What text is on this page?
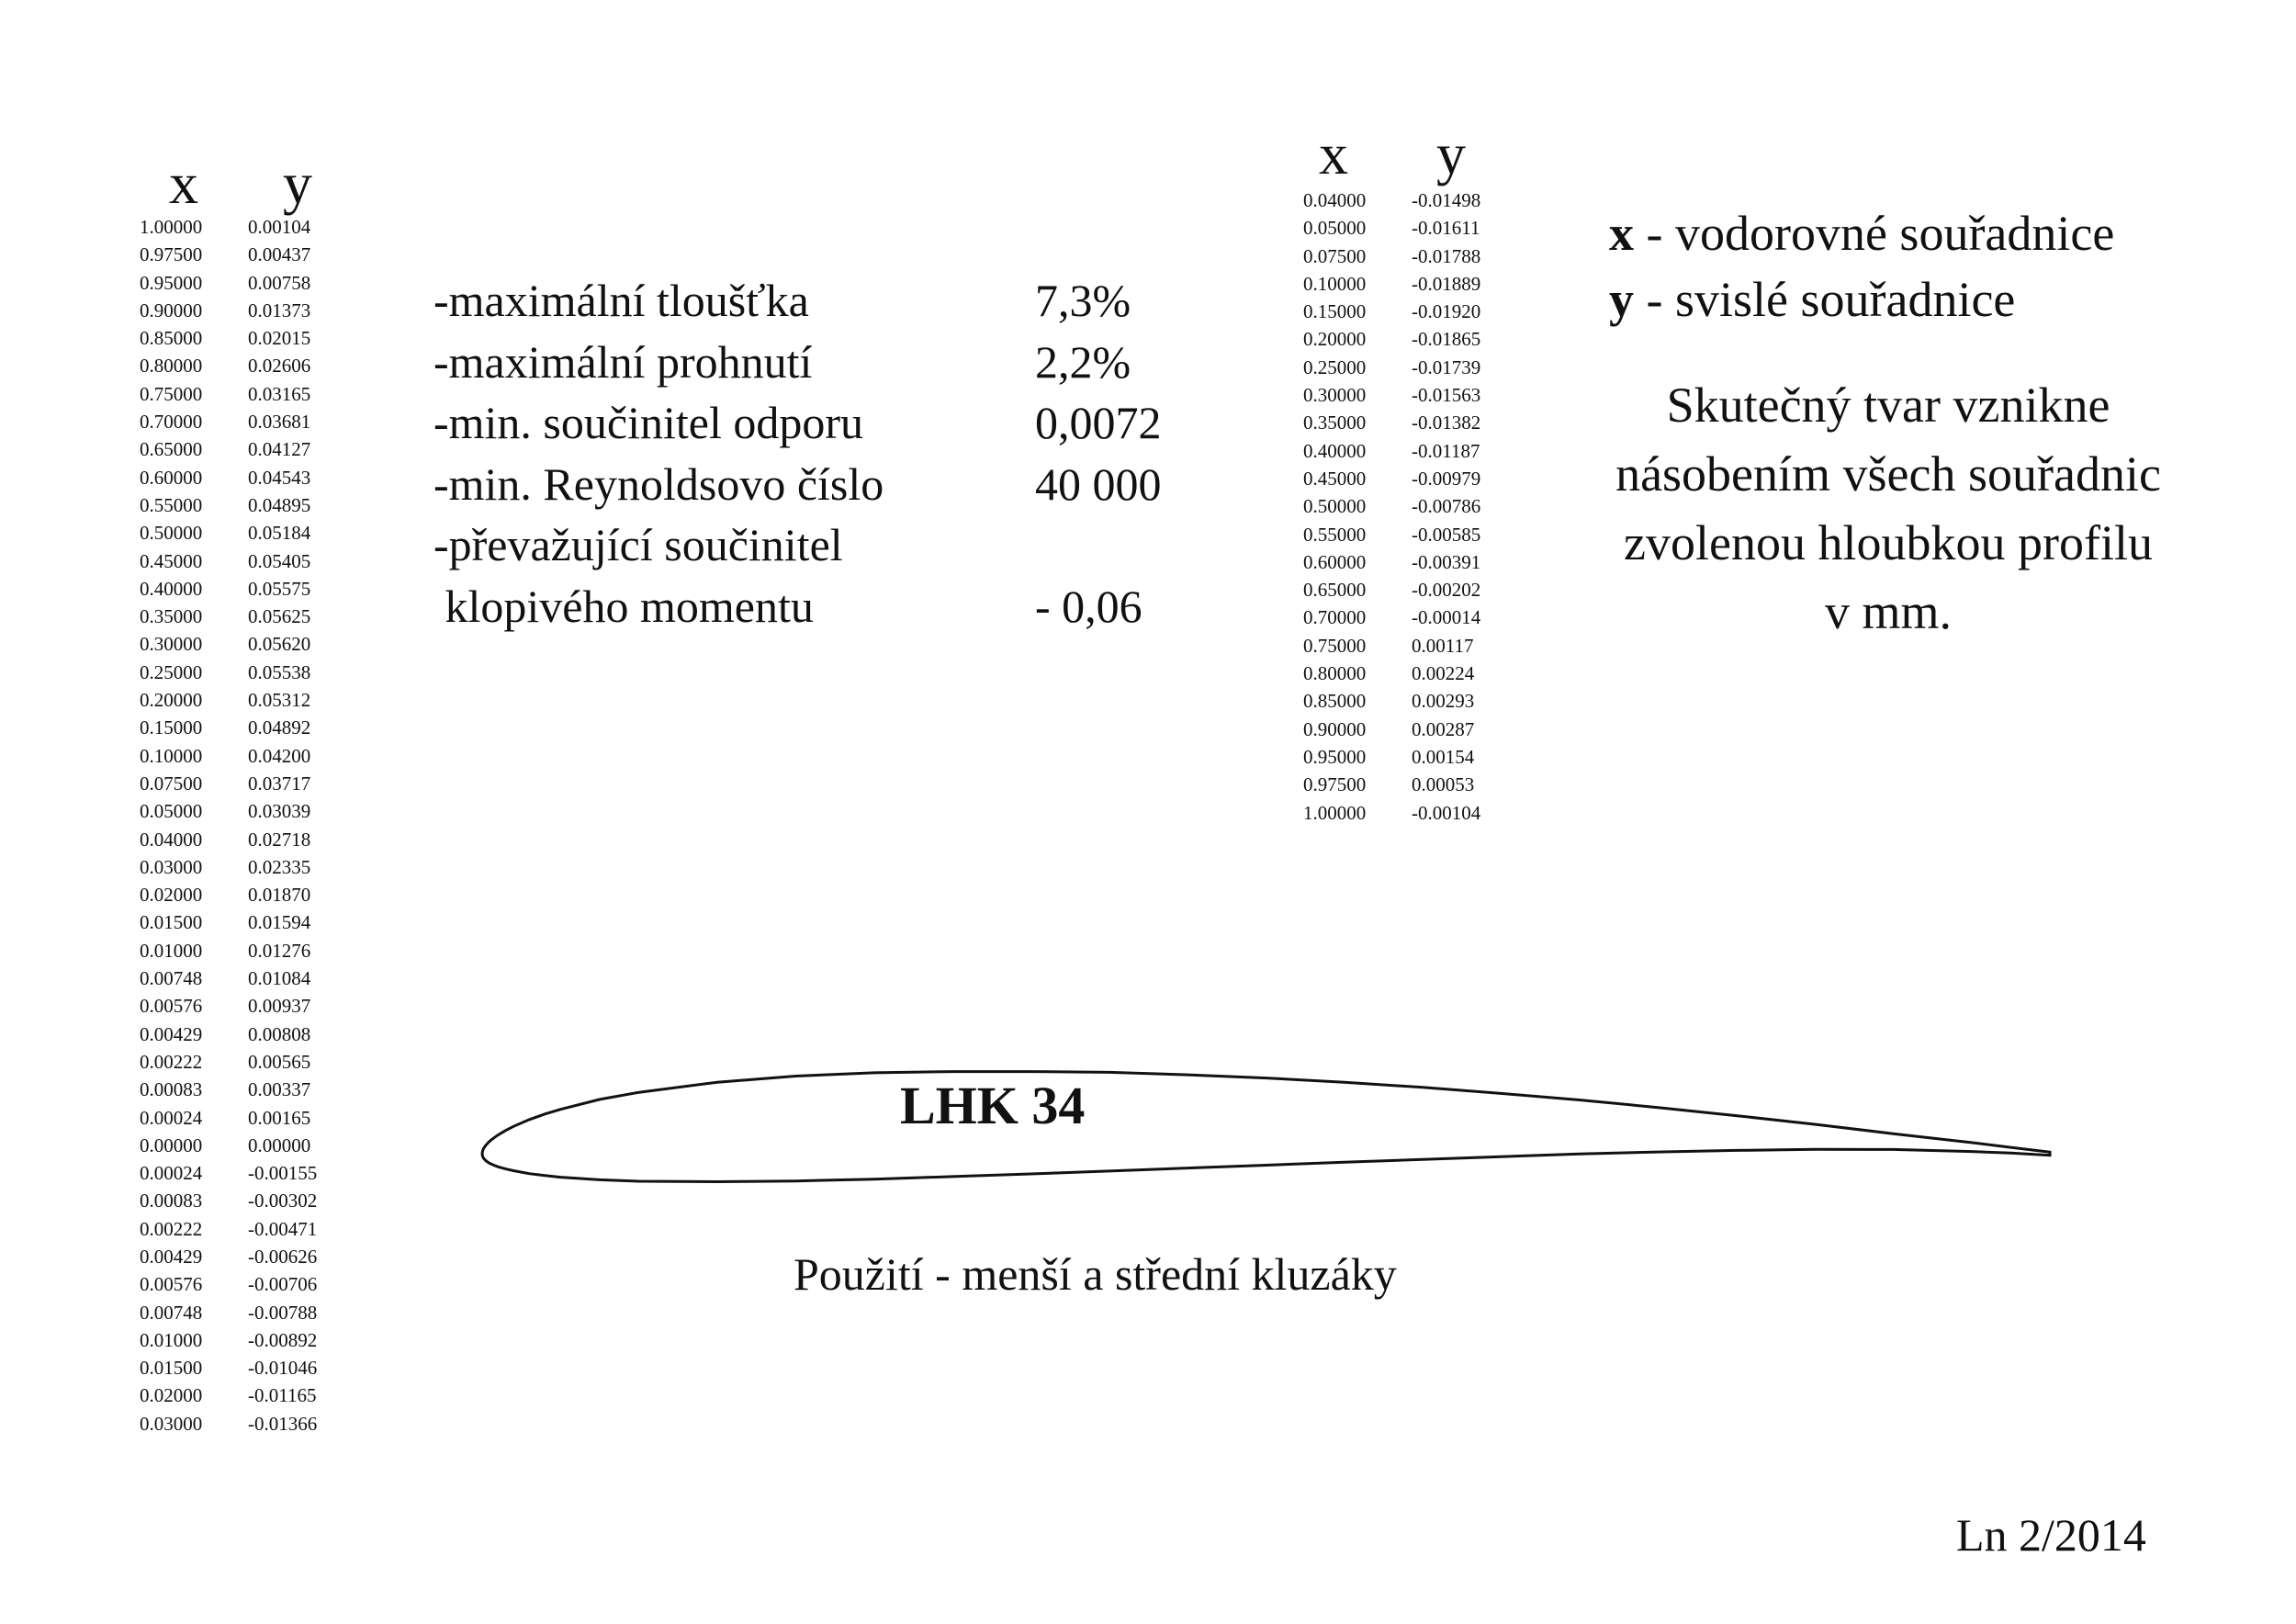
x	y
1.00000	0.00104
0.97500	0.00437
0.95000	0.00758
0.90000	0.01373
0.85000	0.02015
0.80000	0.02606
0.75000	0.03165
0.70000	0.03681
0.65000	0.04127
0.60000	0.04543
0.55000	0.04895
0.50000	0.05184
0.45000	0.05405
0.40000	0.05575
0.35000	0.05625
0.30000	0.05620
0.25000	0.05538
0.20000	0.05312
0.15000	0.04892
0.10000	0.04200
0.07500	0.03717
0.05000	0.03039
0.04000	0.02718
0.03000	0.02335
0.02000	0.01870
0.01500	0.01594
0.01000	0.01276
0.00748	0.01084
0.00576	0.00937
0.00429	0.00808
0.00222	0.00565
0.00083	0.00337
0.00024	0.00165
0.00000	0.00000
0.00024	-0.00155
0.00083	-0.00302
0.00222	-0.00471
0.00429	-0.00626
0.00576	-0.00706
0.00748	-0.00788
0.01000	-0.00892
0.01500	-0.01046
0.02000	-0.01165
0.03000	-0.01366
-maximální tloušťka	7,3%
-maximální prohnutí	2,2%
-min. součinitel odporu	0,0072
-min. Reynoldsovo číslo	40 000
-převažující součinitel
klopivého momentu	- 0,06
x	y
0.04000	-0.01498
0.05000	-0.01611
0.07500	-0.01788
0.10000	-0.01889
0.15000	-0.01920
0.20000	-0.01865
0.25000	-0.01739
0.30000	-0.01563
0.35000	-0.01382
0.40000	-0.01187
0.45000	-0.00979
0.50000	-0.00786
0.55000	-0.00585
0.60000	-0.00391
0.65000	-0.00202
0.70000	-0.00014
0.75000	0.00117
0.80000	0.00224
0.85000	0.00293
0.90000	0.00287
0.95000	0.00154
0.97500	0.00053
1.00000	-0.00104
x - vodorovné souřadnice
y - svislé souřadnice
Skutečný tvar vznikne
násobením všech souřadnic
zvolenou hloubkou profilu
v mm.
LHK 34
Použití - menší a střední kluzáky
Ln 2/2014
